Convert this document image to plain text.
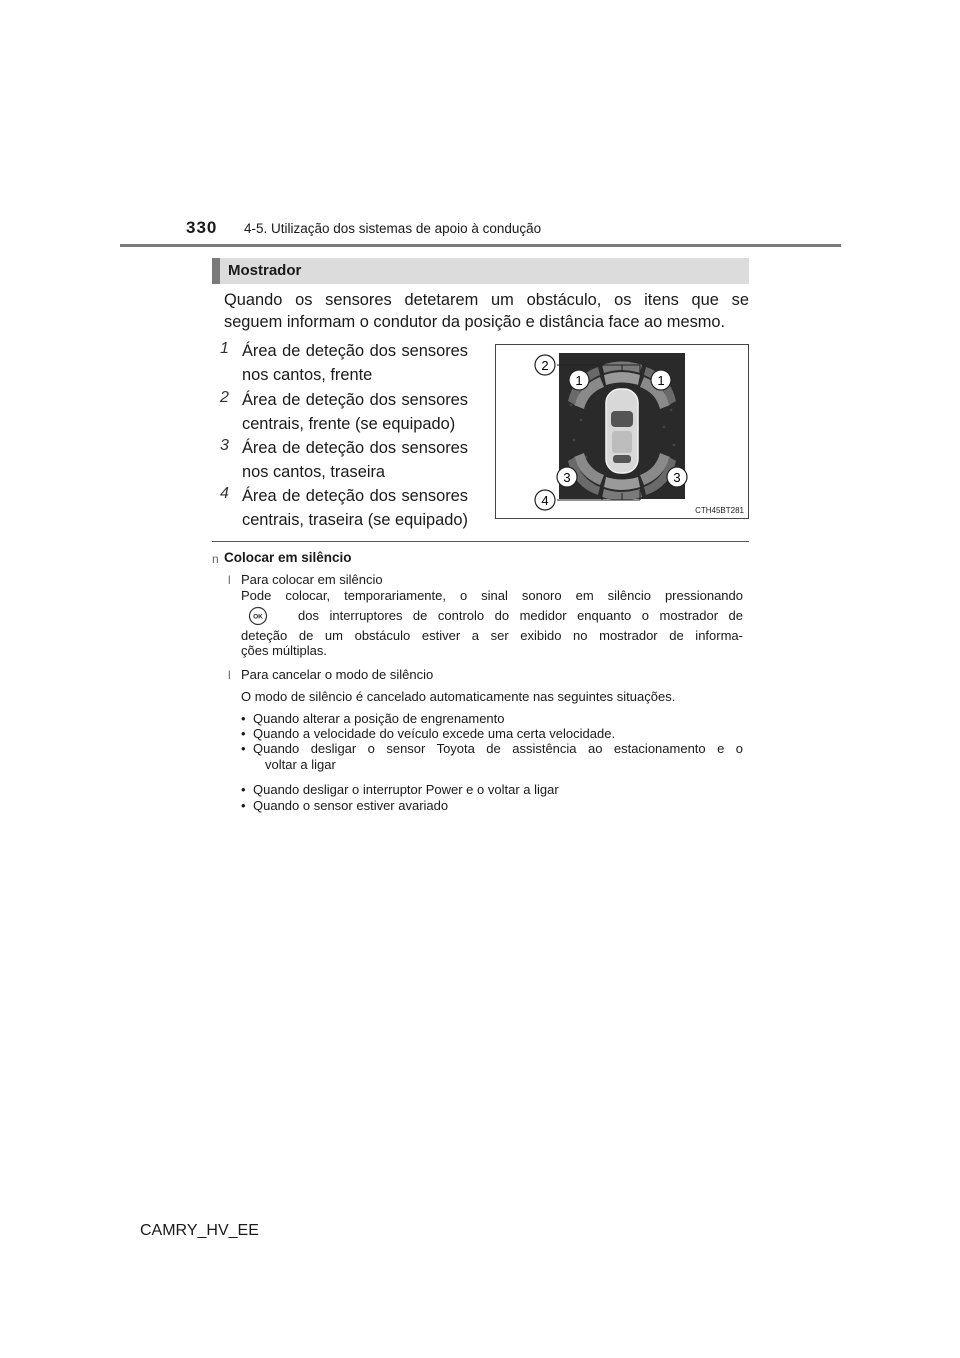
330 4-5. Utilização dos sistemas de apoio à condução
Mostrador
Quando os sensores detetarem um obstáculo, os itens que se
seguem informam o condutor da posição e distância face ao mesmo.
1 Área de deteção dos sensores
nos cantos, frente
2 Área de deteção dos sensores
centrais, frente (se equipado)
3 Área de deteção dos sensores
nos cantos, traseira
4 Área de deteção dos sensores
centrais, traseira (se equipado)
2
1	1
3	3
4
CTH45BT281
n Colocar em silêncio
l Para colocar em silêncio
Pode colocar, temporariamente, o sinal sonoro em silêncio pressionando
OK	dos interruptores de controlo do medidor enquanto o mostrador de
deteção de um obstáculo estiver a ser exibido no mostrador de informa-
ções múltiplas.
l Para cancelar o modo de silêncio
O modo de silêncio é cancelado automaticamente nas seguintes situações.
• Quando alterar a posição de engrenamento
• Quando a velocidade do veículo excede uma certa velocidade.
• Quando desligar o sensor Toyota de assistência ao estacionamento e o
voltar a ligar
• Quando desligar o interruptor Power e o voltar a ligar
• Quando o sensor estiver avariado
CAMRY_HV_EE
